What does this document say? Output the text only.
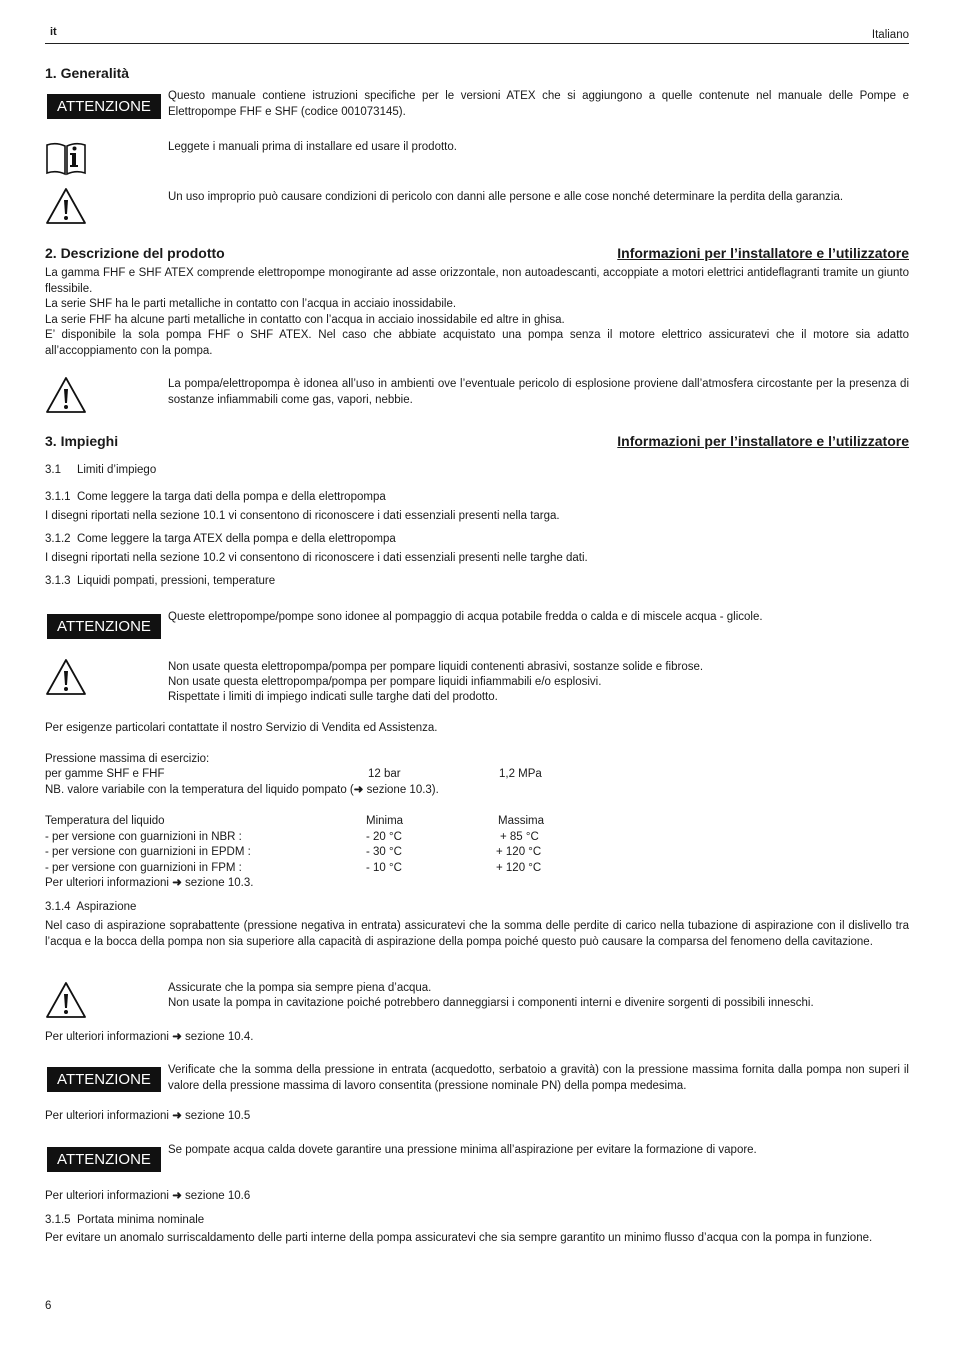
it	Italiano
1. Generalità
ATTENZIONE
Questo manuale contiene istruzioni specifiche per le versioni ATEX che si aggiungono a quelle contenute nel manuale delle Pompe e Elettropompe FHF e SHF (codice 001073145).
Leggete i manuali prima di installare ed usare il prodotto.
Un uso improprio può causare condizioni di pericolo con danni alle persone e alle cose nonché determinare la perdita della garanzia.
2. Descrizione del prodotto	Informazioni per l’installatore e l’utilizzatore
La gamma FHF e SHF ATEX comprende elettropompe monogirante ad asse orizzontale, non autoadescanti, accoppiate a motori elettrici antideflagranti tramite un giunto flessibile.
La serie SHF ha le parti metalliche in contatto con l’acqua in acciaio inossidabile.
La serie FHF ha alcune parti metalliche in contatto con l’acqua in acciaio inossidabile ed altre in ghisa.
E’ disponibile la sola pompa FHF o SHF ATEX. Nel caso che abbiate acquistato una pompa senza il motore elettrico assicuratevi che il motore sia adatto all’accoppiamento con la pompa.
La pompa/elettropompa è idonea all’uso in ambienti ove l’eventuale pericolo di esplosione proviene dall’atmosfera circostante per la presenza di sostanze infiammabili come gas, vapori, nebbie.
3. Impieghi	Informazioni per l’installatore e l’utilizzatore
3.1     Limiti d’impiego
3.1.1  Come leggere la targa dati della pompa e della elettropompa
I disegni riportati nella sezione 10.1 vi consentono di riconoscere i dati essenziali presenti nella targa.
3.1.2  Come leggere la targa ATEX della pompa e della elettropompa
I disegni riportati nella sezione 10.2 vi consentono di riconoscere i dati essenziali presenti nelle targhe dati.
3.1.3  Liquidi pompati, pressioni, temperature
ATTENZIONE
Queste elettropompe/pompe sono idonee al pompaggio di acqua potabile fredda o calda e di miscele acqua - glicole.
Non usate questa elettropompa/pompa per pompare liquidi contenenti abrasivi, sostanze solide e fibrose.
Non usate questa elettropompa/pompa per pompare liquidi infiammabili e/o esplosivi.
Rispettate i limiti di impiego indicati sulle targhe dati del prodotto.
Per esigenze particolari contattate il nostro Servizio di Vendita ed Assistenza.
Pressione massima di esercizio:
per gamme SHF e FHF	12 bar	1,2 MPa
NB. valore variabile con la temperatura del liquido pompato (➜ sezione 10.3).
Temperatura del liquido	Minima	Massima
- per versione con guarnizioni in NBR :	- 20 °C	+ 85 °C
- per versione con guarnizioni in EPDM :	- 30 °C	+ 120 °C
- per versione con guarnizioni in FPM :	- 10 °C	+ 120 °C
Per ulteriori informazioni ➜ sezione 10.3.
3.1.4  Aspirazione
Nel caso di aspirazione soprabattente (pressione negativa in entrata) assicuratevi che la somma delle perdite di carico nella tubazione di aspirazione con il dislivello tra l’acqua e la bocca della pompa non sia superiore alla capacità di aspirazione della pompa poiché questo può causare la comparsa del fenomeno della cavitazione.
Assicurate che la pompa sia sempre piena d’acqua.
Non usate la pompa in cavitazione poiché potrebbero danneggiarsi i componenti interni e divenire sorgenti di possibili inneschi.
Per ulteriori informazioni ➜ sezione 10.4.
ATTENZIONE
Verificate che la somma della pressione in entrata (acquedotto, serbatoio a gravità) con la pressione massima fornita dalla pompa non superi il valore della pressione massima di lavoro consentita (pressione nominale PN) della pompa medesima.
Per ulteriori informazioni ➜ sezione 10.5
ATTENZIONE
Se pompate acqua calda dovete garantire una pressione minima all’aspirazione per evitare la formazione di vapore.
Per ulteriori informazioni ➜ sezione 10.6
3.1.5  Portata minima nominale
Per evitare un anomalo surriscaldamento delle parti interne della pompa assicuratevi che sia sempre garantito un minimo flusso d’acqua con la pompa in funzione.
6
